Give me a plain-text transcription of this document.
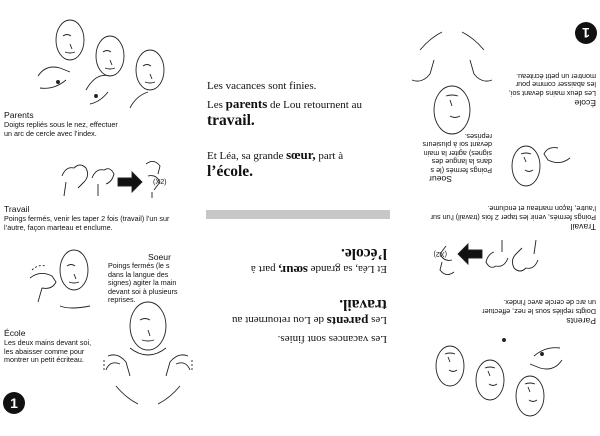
Parents
Doigts repliés sous le nez, effectuer un arc de cercle avec l’index.
(X2)
Travail
Poings fermés, venir les taper 2 fois (travail) l’un sur l’autre, façon marteau et enclume.
Soeur
Poings fermés (le s dans la langue des signes) agiter la main devant soi à plusieurs reprises.
École
Les deux mains devant soi, les abaisser comme pour montrer un petit écriteau.
1
Les vacances sont finies.
Les parents de Lou retournent au
travail.
Et Léa, sa grande sœur, part à
l’école.
Les vacances sont finies.
Les parents de Lou retournent au
travail.
Et Léa, sa grande sœur, part à
l’école.
Parents
Doigts repliés sous le nez, effectuer un arc de cercle avec l’index.
(X2)
Travail
Poings fermés, venir les taper 2 fois (travail) l’un sur l’autre, façon marteau et enclume.
Soeur
Poings fermés (le s dans la langue des signes) agiter la main devant soi à plusieurs reprises.
École
Les deux mains devant soi, les abaisser comme pour montrer un petit écriteau.
1
